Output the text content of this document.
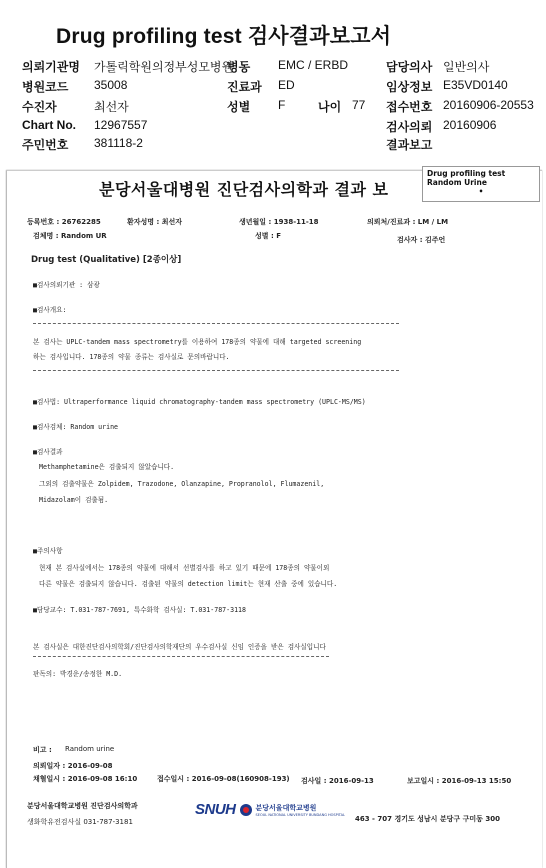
Drug profiling test 검사결과보고서
의뢰기관명 가톨릭학원의정부성모병원
병동 EMC / ERBD	담당의사 일반의사
병원코드 35008	진료과 ED	임상정보 E35VD0140
수진자	최선자	성별 F	나이 77 접수번호 20160906-20553
Chart No. 12967557	검사의뢰 20160906
주민번호 381118-2	결과보고
분당서울대병원 진단검사의학과 결과 보
Drug profiling test
Random Urine
•
등록번호 : 26762285	환자성명 : 최선자	생년월일 : 1938-11-18	의뢰처/진료과 : LM / LM
검체명 : Random UR	성별 : F	검사자 : 김주언
Drug test (Qualitative) [2종이상]
■검사의뢰기관 : 삼광
■검사개요:
본 검사는 UPLC-tandem mass spectrometry를 이용하여 178종의 약물에 대해 targeted screening
하는 검사입니다. 178종의 약물 종류는 검사실로 문의바랍니다.
■검사법: Ultraperformance liquid chromatography-tandem mass spectrometry (UPLC-MS/MS)
■검사검체: Random urine
■검사결과
Methamphetamine은 검출되지 않았습니다.
그외의 검출약물은 Zolpidem, Trazodone, Olanzapine, Propranolol, Flumazenil,
Midazolam이 검출됨.
■주의사항
현재 본 검사실에서는 178종의 약물에 대해서 선별검사를 하고 있기 때문에 178종의 약물이외
다른 약물은 검출되지 않습니다. 검출된 약물의 detection limit는 현재 산출 중에 있습니다.
■담당교수: T.031-787-7691, 특수화학 검사실: T.031-787-3118
본 검사실은 대한진단검사의학회/진단검사의학재단의 우수검사실 신임 인증을 받은 검사실입니다
판독의: 박경운/송정한 M.D.
비고 : Random urine
의뢰일자 : 2016-09-08
채혈일시 : 2016-09-08 16:10	접수일시 : 2016-09-08(160908-193) 검사일 : 2016-09-13	보고일시 : 2016-09-13 15:50
분당서울대학교병원 진단검사의학과
생화학유전검사실 031-787-3181
SNUH	분당서울대학교병원
SEOUL NATIONAL UNIVERSITY BUNDANG HOSPITAL
463 - 707 경기도 성남시 분당구 구미동 300
